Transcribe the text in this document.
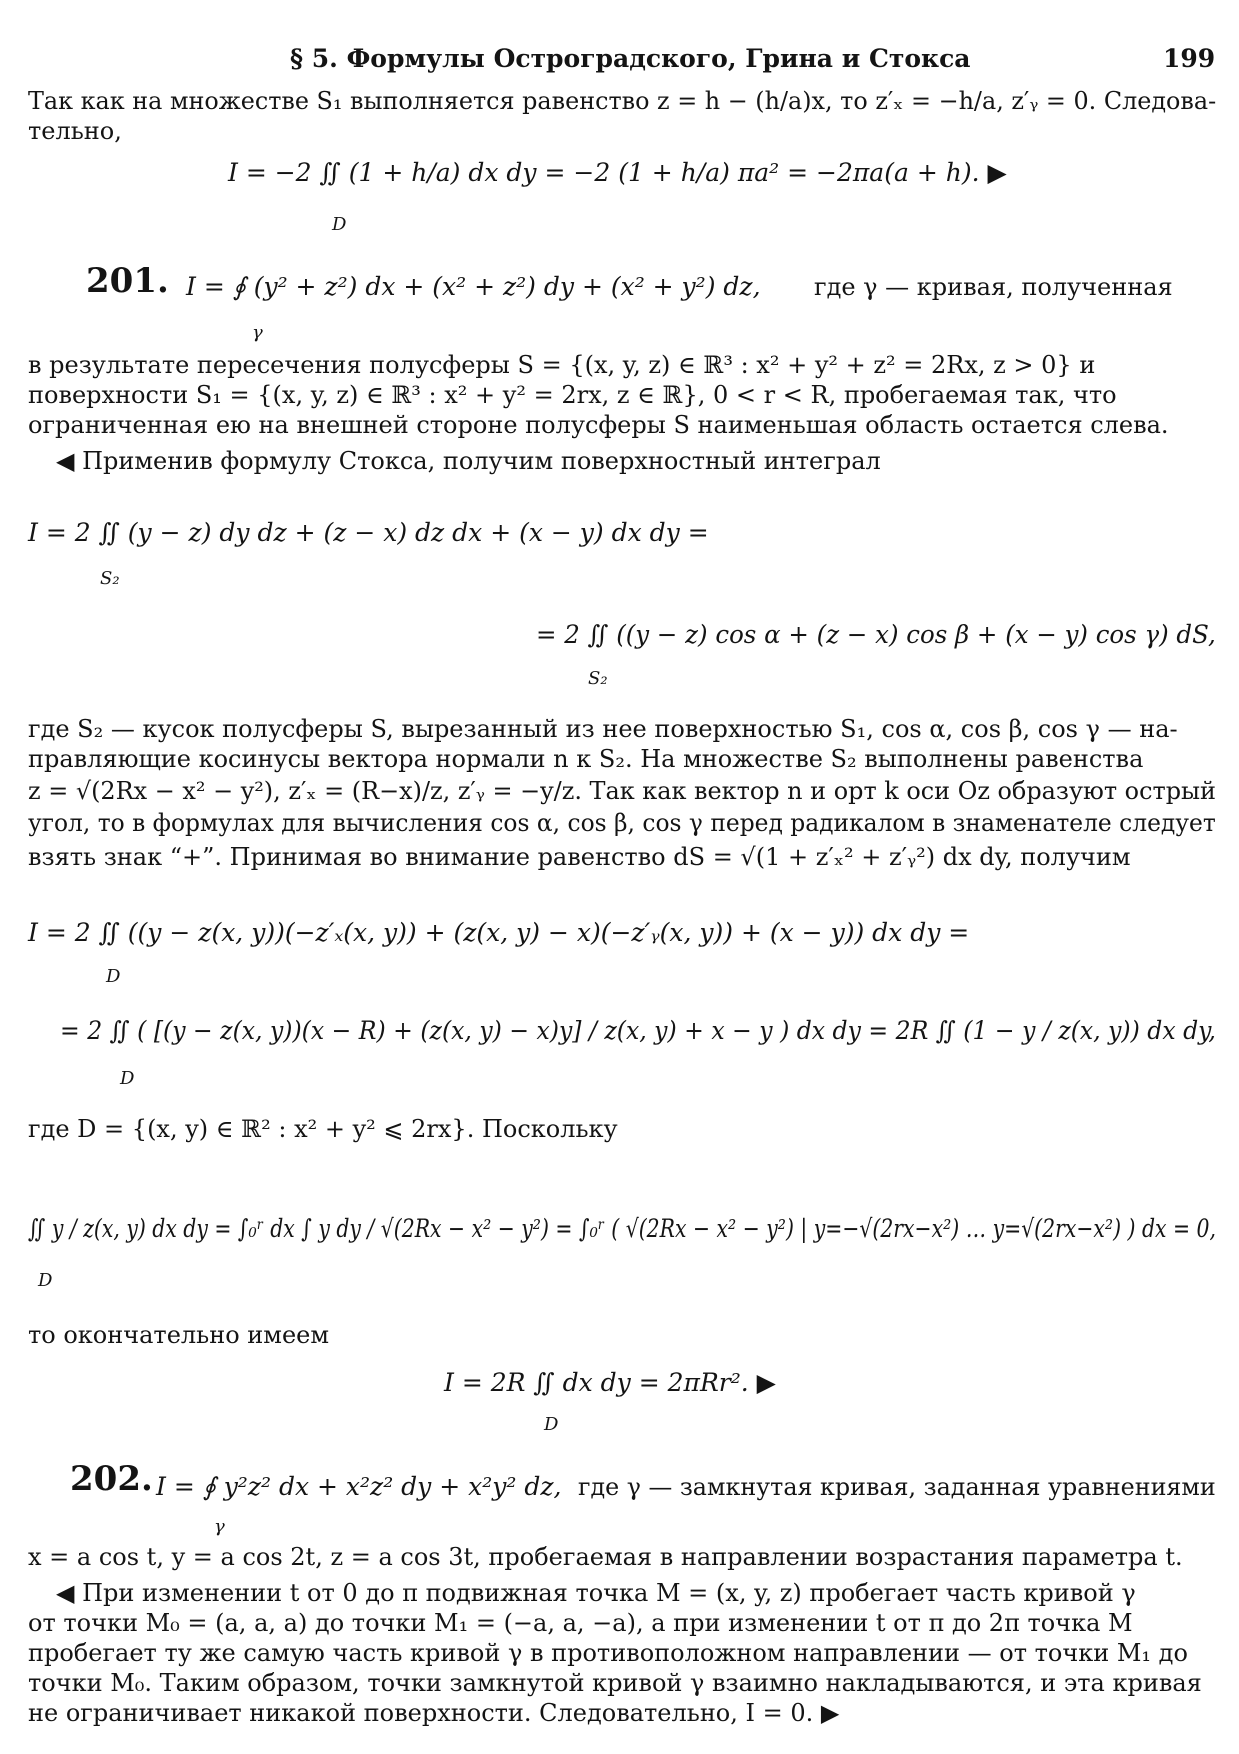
§ 5. Формулы Остроградского, Грина и Стокса	199
Так как на множестве S₁ выполняется равенство z = h − (h/a)x, то z′ₓ = −h/a, z′ᵧ = 0. Следова-
тельно,
I = −2 ∬ (1 + h/a) dx dy = −2 (1 + h/a) πa² = −2πa(a + h). ▶
D
201. I = ∮ (y² + z²) dx + (x² + z²) dy + (x² + y²) dz,
γ
где γ — кривая, полученная
в результате пересечения полусферы S = {(x, y, z) ∈ ℝ³ : x² + y² + z² = 2Rx, z > 0} и
поверхности S₁ = {(x, y, z) ∈ ℝ³ : x² + y² = 2rx, z ∈ ℝ}, 0 < r < R, пробегаемая так, что
ограниченная ею на внешней стороне полусферы S наименьшая область остается слева.
◀ Применив формулу Стокса, получим поверхностный интеграл
I = 2 ∬ (y − z) dy dz + (z − x) dz dx + (x − y) dx dy =
S₂
= 2 ∬ ((y − z) cos α + (z − x) cos β + (x − y) cos γ) dS,
S₂
где S₂ — кусок полусферы S, вырезанный из нее поверхностью S₁, cos α, cos β, cos γ — на-
правляющие косинусы вектора нормали n к S₂. На множестве S₂ выполнены равенства
z = √(2Rx − x² − y²), z′ₓ = (R−x)/z, z′ᵧ = −y/z. Так как вектор n и орт k оси Oz образуют острый
угол, то в формулах для вычисления cos α, cos β, cos γ перед радикалом в знаменателе следует
взять знак “+”. Принимая во внимание равенство dS = √(1 + z′ₓ² + z′ᵧ²) dx dy, получим
I = 2 ∬ ((y − z(x, y))(−z′ₓ(x, y)) + (z(x, y) − x)(−z′ᵧ(x, y)) + (x − y)) dx dy =
D
= 2 ∬ ( [(y − z(x, y))(x − R) + (z(x, y) − x)y] / z(x, y) + x − y ) dx dy = 2R ∬ (1 − y / z(x, y)) dx dy,
D
где D = {(x, y) ∈ ℝ² : x² + y² ⩽ 2rx}. Поскольку
∬ y / z(x, y) dx dy = ∫₀ʳ dx ∫ y dy / √(2Rx − x² − y²) = ∫₀ʳ ( √(2Rx − x² − y²) | y=−√(2rx−x²) … y=√(2rx−x²) ) dx = 0,
D
то окончательно имеем
I = 2R ∬ dx dy = 2πRr². ▶
D
202. I = ∮ y²z² dx + x²z² dy + x²y² dz,
γ
где γ — замкнутая кривая, заданная уравнениями
x = a cos t, y = a cos 2t, z = a cos 3t, пробегаемая в направлении возрастания параметра t.
◀ При изменении t от 0 до π подвижная точка M = (x, y, z) пробегает часть кривой γ
от точки M₀ = (a, a, a) до точки M₁ = (−a, a, −a), а при изменении t от π до 2π точка M
пробегает ту же самую часть кривой γ в противоположном направлении — от точки M₁ до
точки M₀. Таким образом, точки замкнутой кривой γ взаимно накладываются, и эта кривая
не ограничивает никакой поверхности. Следовательно, I = 0. ▶
